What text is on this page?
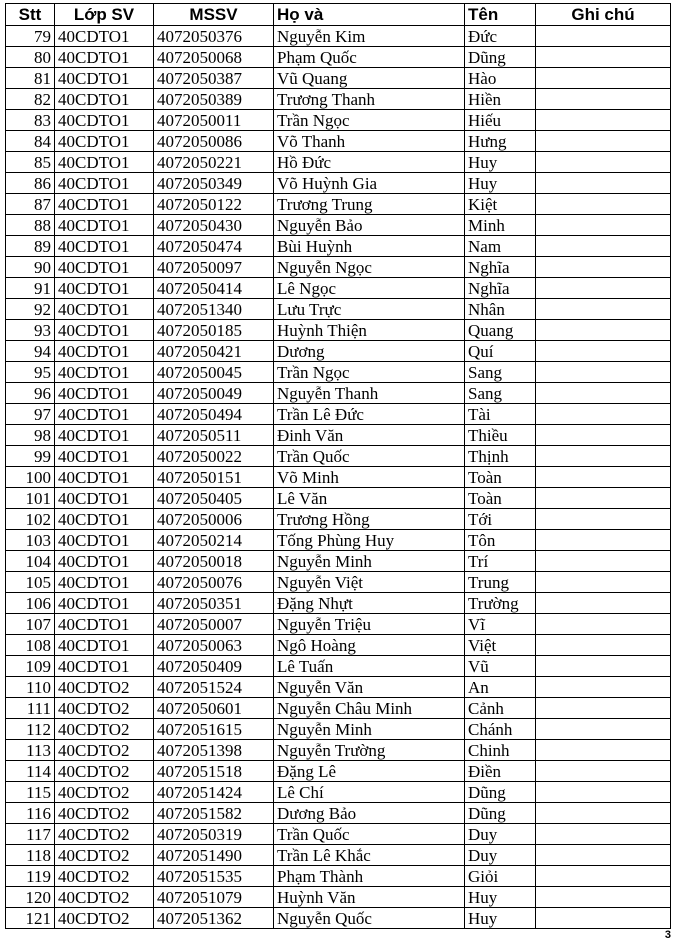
Stt	Lớp SV	MSSV	Họ và	Tên	Ghi chú
79	40CDTO1	4072050376	Nguyễn Kim	Đức	
80	40CDTO1	4072050068	Phạm Quốc	Dũng	
81	40CDTO1	4072050387	Vũ Quang	Hào	
82	40CDTO1	4072050389	Trương Thanh	Hiền	
83	40CDTO1	4072050011	Trần Ngọc	Hiếu	
84	40CDTO1	4072050086	Võ Thanh	Hưng	
85	40CDTO1	4072050221	Hồ Đức	Huy	
86	40CDTO1	4072050349	Võ Huỳnh Gia	Huy	
87	40CDTO1	4072050122	Trương Trung	Kiệt	
88	40CDTO1	4072050430	Nguyễn Bảo	Minh	
89	40CDTO1	4072050474	Bùi Huỳnh	Nam	
90	40CDTO1	4072050097	Nguyễn Ngọc	Nghĩa	
91	40CDTO1	4072050414	Lê Ngọc	Nghĩa	
92	40CDTO1	4072051340	Lưu Trực	Nhân	
93	40CDTO1	4072050185	Huỳnh Thiện	Quang	
94	40CDTO1	4072050421	Dương	Quí	
95	40CDTO1	4072050045	Trần Ngọc	Sang	
96	40CDTO1	4072050049	Nguyễn Thanh	Sang	
97	40CDTO1	4072050494	Trần Lê Đức	Tài	
98	40CDTO1	4072050511	Đinh Văn	Thiều	
99	40CDTO1	4072050022	Trần Quốc	Thịnh	
100	40CDTO1	4072050151	Võ Minh	Toàn	
101	40CDTO1	4072050405	Lê Văn	Toàn	
102	40CDTO1	4072050006	Trương Hồng	Tới	
103	40CDTO1	4072050214	Tống Phùng Huy	Tôn	
104	40CDTO1	4072050018	Nguyễn Minh	Trí	
105	40CDTO1	4072050076	Nguyễn Việt	Trung	
106	40CDTO1	4072050351	Đặng Nhựt	Trường	
107	40CDTO1	4072050007	Nguyễn Triệu	Vĩ	
108	40CDTO1	4072050063	Ngô Hoàng	Việt	
109	40CDTO1	4072050409	Lê Tuấn	Vũ	
110	40CDTO2	4072051524	Nguyễn Văn	An	
111	40CDTO2	4072050601	Nguyễn Châu Minh	Cảnh	
112	40CDTO2	4072051615	Nguyễn Minh	Chánh	
113	40CDTO2	4072051398	Nguyễn Trường	Chinh	
114	40CDTO2	4072051518	Đặng Lê	Điền	
115	40CDTO2	4072051424	Lê Chí	Dũng	
116	40CDTO2	4072051582	Dương Bảo	Dũng	
117	40CDTO2	4072050319	Trần Quốc	Duy	
118	40CDTO2	4072051490	Trần Lê Khắc	Duy	
119	40CDTO2	4072051535	Phạm Thành	Giỏi	
120	40CDTO2	4072051079	Huỳnh Văn	Huy	
121	40CDTO2	4072051362	Nguyễn Quốc	Huy	
3
